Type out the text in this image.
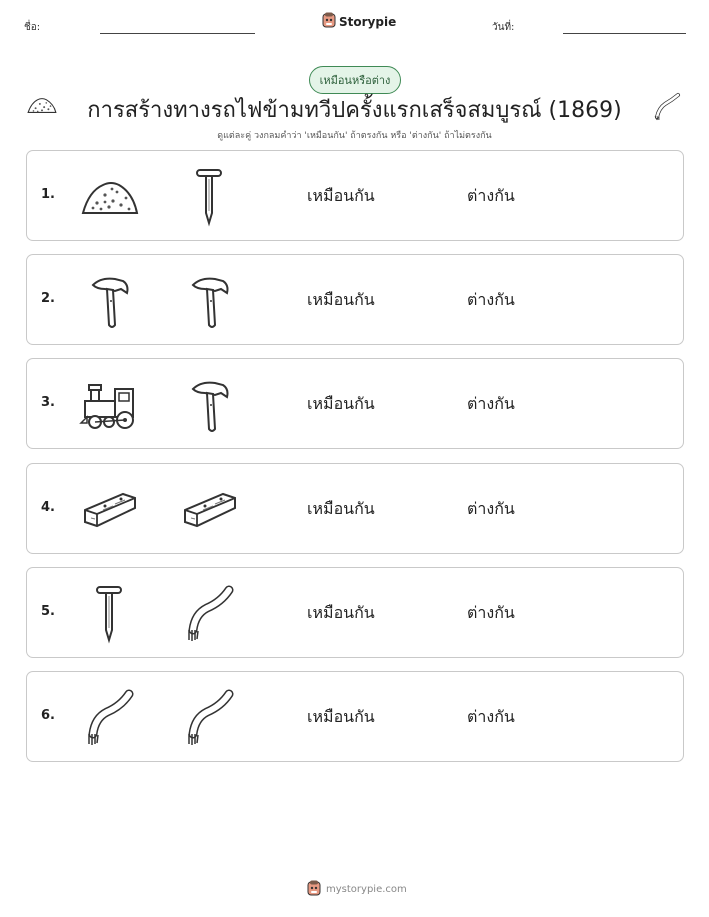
ชื่อ:	Storypie	วันที่:
เหมือนหรือต่าง
การสร้างทางรถไฟข้ามทวีปครั้งแรกเสร็จสมบูรณ์ (1869)
ดูแต่ละคู่ วงกลมคำว่า 'เหมือนกัน' ถ้าตรงกัน หรือ 'ต่างกัน' ถ้าไม่ตรงกัน
1.	เหมือนกัน	ต่างกัน
2.	เหมือนกัน	ต่างกัน
3.	เหมือนกัน	ต่างกัน
4.	เหมือนกัน	ต่างกัน
5.	เหมือนกัน	ต่างกัน
6.	เหมือนกัน	ต่างกัน
mystorypie.com
